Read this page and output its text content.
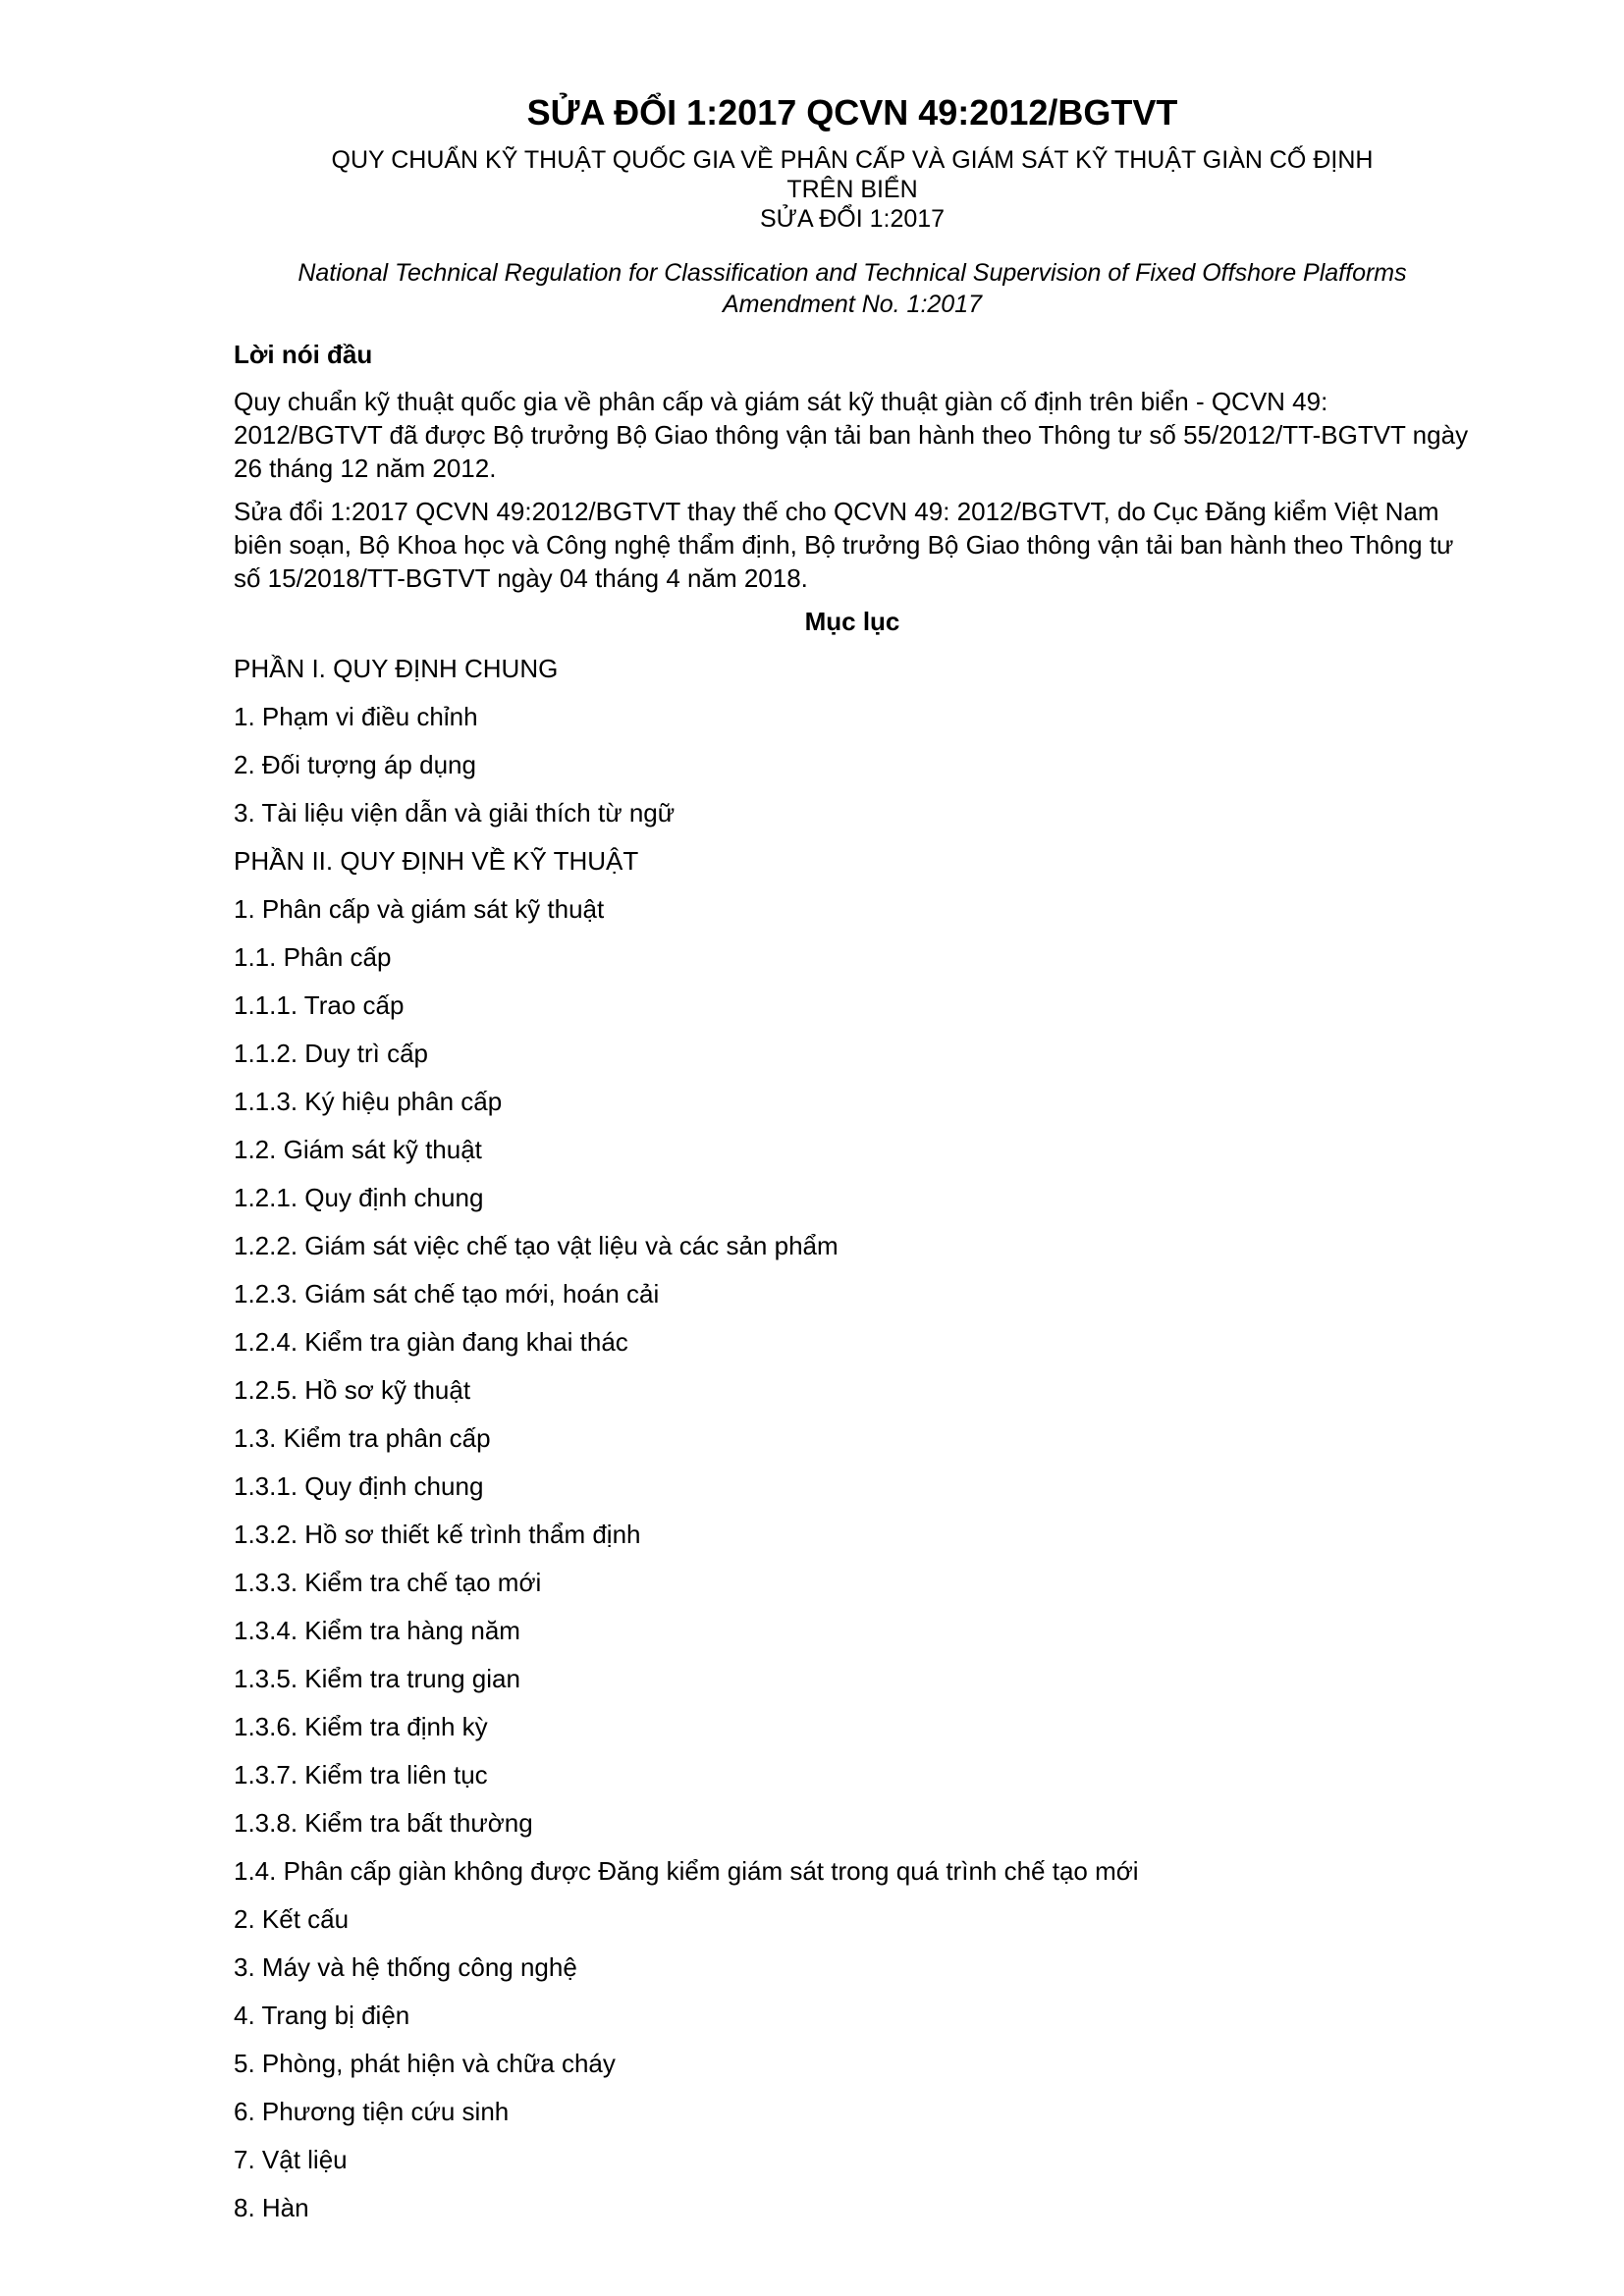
SỬA ĐỔI 1:2017 QCVN 49:2012/BGTVT
QUY CHUẨN KỸ THUẬT QUỐC GIA VỀ PHÂN CẤP VÀ GIÁM SÁT KỸ THUẬT GIÀN CỐ ĐỊNH
TRÊN BIỂN
SỬA ĐỔI 1:2017
National Technical Regulation for Classification and Technical Supervision of Fixed Offshore Plafforms
Amendment No. 1:2017
Lời nói đầu

Quy chuẩn kỹ thuật quốc gia về phân cấp và giám sát kỹ thuật giàn cố định trên biển - QCVN 49: 2012/BGTVT đã được Bộ trưởng Bộ Giao thông vận tải ban hành theo Thông tư số 55/2012/TT-BGTVT ngày 26 tháng 12 năm 2012.

Sửa đổi 1:2017 QCVN 49:2012/BGTVT thay thế cho QCVN 49: 2012/BGTVT, do Cục Đăng kiểm Việt Nam biên soạn, Bộ Khoa học và Công nghệ thẩm định, Bộ trưởng Bộ Giao thông vận tải ban hành theo Thông tư số 15/2018/TT-BGTVT ngày 04 tháng 4 năm 2018.

Mục lục
PHẦN I. QUY ĐỊNH CHUNG
1. Phạm vi điều chỉnh
2. Đối tượng áp dụng
3. Tài liệu viện dẫn và giải thích từ ngữ
PHẦN II. QUY ĐỊNH VỀ KỸ THUẬT
1. Phân cấp và giám sát kỹ thuật
1.1. Phân cấp
1.1.1. Trao cấp
1.1.2. Duy trì cấp
1.1.3. Ký hiệu phân cấp
1.2. Giám sát kỹ thuật
1.2.1. Quy định chung
1.2.2. Giám sát việc chế tạo vật liệu và các sản phẩm
1.2.3. Giám sát chế tạo mới, hoán cải
1.2.4. Kiểm tra giàn đang khai thác
1.2.5. Hồ sơ kỹ thuật
1.3. Kiểm tra phân cấp
1.3.1. Quy định chung
1.3.2. Hồ sơ thiết kế trình thẩm định
1.3.3. Kiểm tra chế tạo mới
1.3.4. Kiểm tra hàng năm
1.3.5. Kiểm tra trung gian
1.3.6. Kiểm tra định kỳ
1.3.7. Kiểm tra liên tục
1.3.8. Kiểm tra bất thường
1.4. Phân cấp giàn không được Đăng kiểm giám sát trong quá trình chế tạo mới
2. Kết cấu
3. Máy và hệ thống công nghệ
4. Trang bị điện
5. Phòng, phát hiện và chữa cháy
6. Phương tiện cứu sinh
7. Vật liệu
8. Hàn
